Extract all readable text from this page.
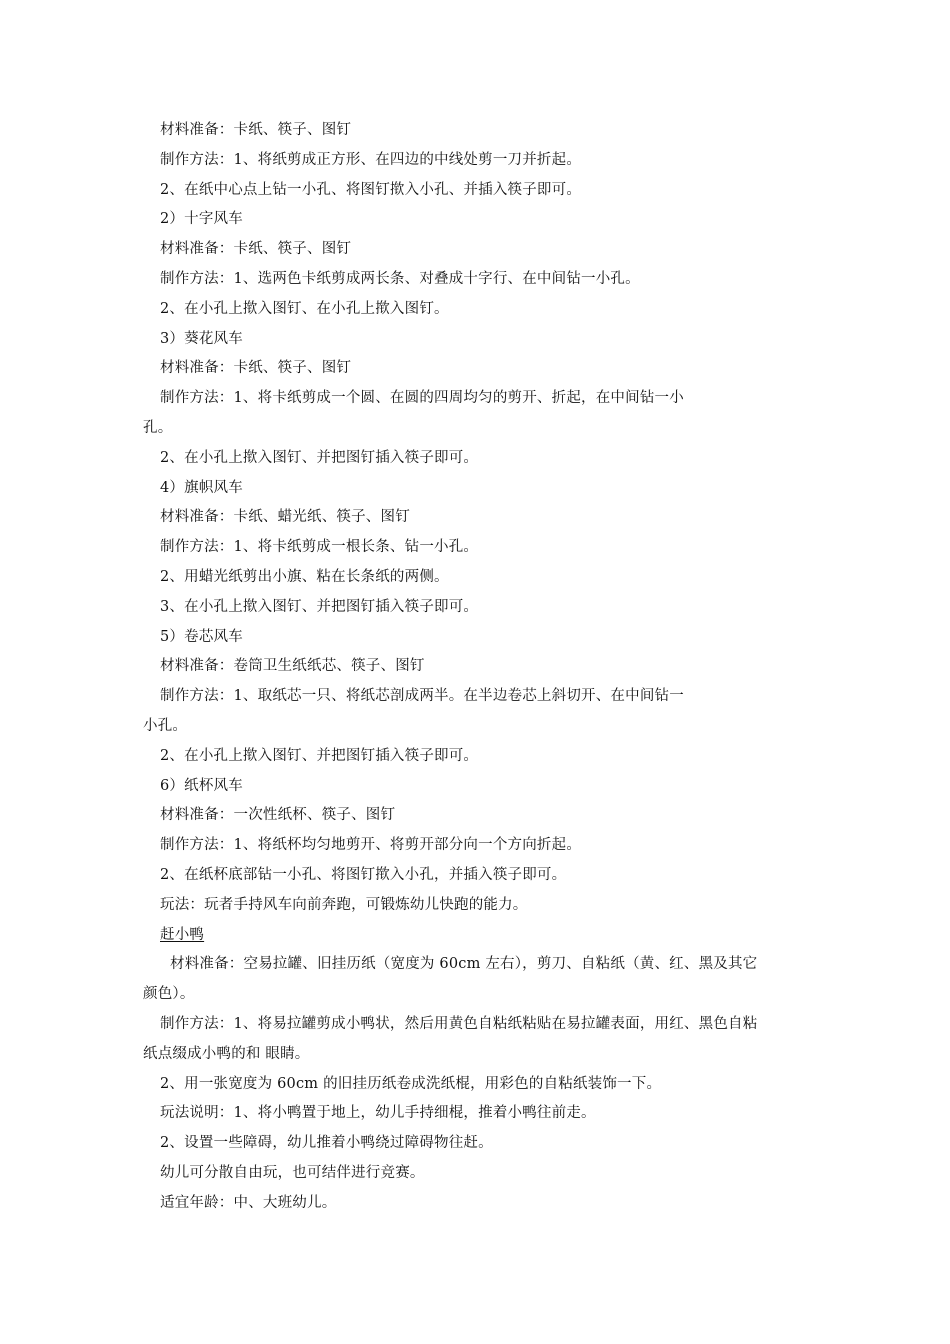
材料准备：卡纸、筷子、图钉
制作方法：1、将纸剪成正方形、在四边的中线处剪一刀并折起。
2、在纸中心点上钻一小孔、将图钉揿入小孔、并插入筷子即可。
2）十字风车
材料准备：卡纸、筷子、图钉
制作方法：1、选两色卡纸剪成两长条、对叠成十字行、在中间钻一小孔。
2、在小孔上揿入图钉、在小孔上揿入图钉。
3）葵花风车
材料准备：卡纸、筷子、图钉
制作方法：1、将卡纸剪成一个圆、在圆的四周均匀的剪开、折起，在中间钻一小
孔。
2、在小孔上揿入图钉、并把图钉插入筷子即可。
4）旗帜风车
材料准备：卡纸、蜡光纸、筷子、图钉
制作方法：1、将卡纸剪成一根长条、钻一小孔。
2、用蜡光纸剪出小旗、粘在长条纸的两侧。
3、在小孔上揿入图钉、并把图钉插入筷子即可。
5）卷芯风车
材料准备：卷筒卫生纸纸芯、筷子、图钉
制作方法：1、取纸芯一只、将纸芯剖成两半。在半边卷芯上斜切开、在中间钻一
小孔。
2、在小孔上揿入图钉、并把图钉插入筷子即可。
6）纸杯风车
材料准备：一次性纸杯、筷子、图钉
制作方法：1、将纸杯均匀地剪开、将剪开部分向一个方向折起。
2、在纸杯底部钻一小孔、将图钉揿入小孔，并插入筷子即可。
玩法：玩者手持风车向前奔跑，可锻炼幼儿快跑的能力。
赶小鸭
材料准备：空易拉罐、旧挂历纸（宽度为 60cm 左右），剪刀、自粘纸（黄、红、黑及其它
颜色）。
制作方法：1、将易拉罐剪成小鸭状，然后用黄色自粘纸粘贴在易拉罐表面，用红、黑色自粘
纸点缀成小鸭的和 眼睛。
2、用一张宽度为 60cm 的旧挂历纸卷成洗纸棍，用彩色的自粘纸装饰一下。
玩法说明：1、将小鸭置于地上，幼儿手持细棍，推着小鸭往前走。
2、设置一些障碍，幼儿推着小鸭绕过障碍物往赶。
幼儿可分散自由玩，也可结伴进行竞赛。
适宜年龄：中、大班幼儿。
